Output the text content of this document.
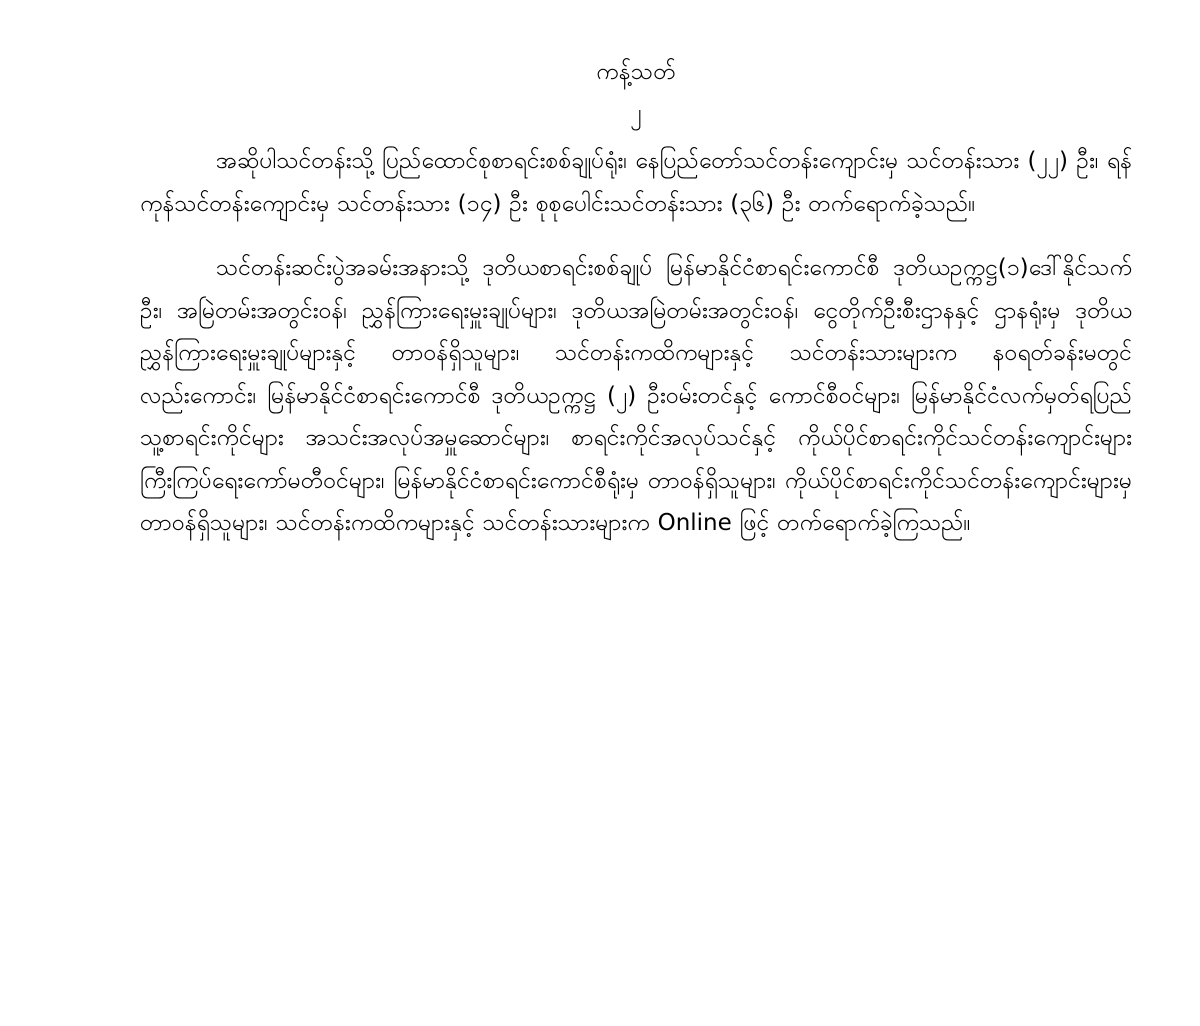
ကန့်သတ်
၂

အဆိုပါသင်တန်းသို့ ပြည်ထောင်စုစာရင်းစစ်ချုပ်ရုံး၊ နေပြည်တော်သင်တန်းကျောင်းမှ သင်တန်းသား (၂၂) ဦး၊ ရန်ကုန်သင်တန်းကျောင်းမှ သင်တန်းသား (၁၄) ဦး စုစုပေါင်းသင်တန်းသား (၃၆) ဦး တက်ရောက်ခဲ့သည်။

သင်တန်းဆင်းပွဲအခမ်းအနားသို့ ဒုတိယစာရင်းစစ်ချုပ် မြန်မာနိုင်ငံစာရင်းကောင်စီ ဒုတိယဥက္ကဋ္ဌ(၁)ဒေါ်နိုင်သက်ဦး၊ အမြဲတမ်းအတွင်းဝန်၊ ညွှန်ကြားရေးမှူးချုပ်များ၊ ဒုတိယအမြဲတမ်းအတွင်းဝန်၊ ငွေတိုက်ဦးစီးဌာနနှင့် ဌာနရုံးမှ ဒုတိယညွှန်ကြားရေးမှူးချုပ်များနှင့် တာဝန်ရှိသူများ၊ သင်တန်းကထိကများနှင့် သင်တန်းသားများက နဝရတ်ခန်းမတွင်လည်းကောင်း၊ မြန်မာနိုင်ငံစာရင်းကောင်စီ ဒုတိယဥက္ကဋ္ဌ (၂) ဦးဝမ်းတင်နှင့် ကောင်စီဝင်များ၊ မြန်မာနိုင်ငံလက်မှတ်ရပြည်သူ့စာရင်းကိုင်များ အသင်းအလုပ်အမှူဆောင်များ၊ စာရင်းကိုင်အလုပ်သင်နှင့် ကိုယ်ပိုင်စာရင်းကိုင်သင်တန်းကျောင်းများ ကြီးကြပ်ရေးကော်မတီဝင်များ၊ မြန်မာနိုင်ငံစာရင်းကောင်စီရုံးမှ တာဝန်ရှိသူများ၊ ကိုယ်ပိုင်စာရင်းကိုင်သင်တန်းကျောင်းများမှတာဝန်ရှိသူများ၊ သင်တန်းကထိကများနှင့် သင်တန်းသားများက Online ဖြင့် တက်ရောက်ခဲ့ကြသည်။
